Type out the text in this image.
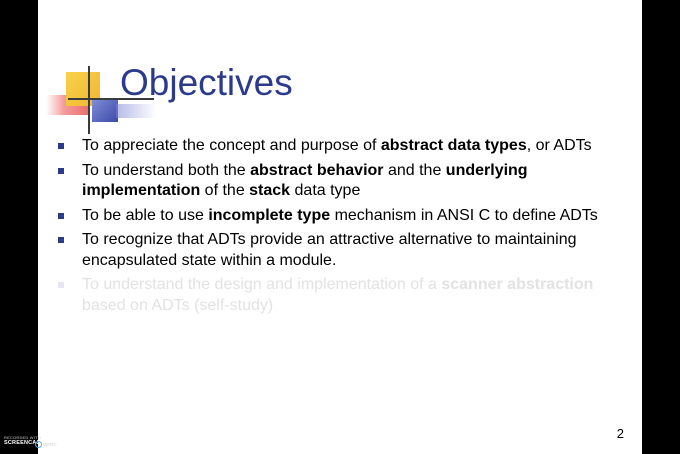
Objectives
To appreciate the concept and purpose of abstract data types, or ADTs
To understand both the abstract behavior and the underlying implementation of the stack data type
To be able to use incomplete type mechanism in ANSI C to define ADTs
To recognize that ADTs provide an attractive alternative to maintaining encapsulated state within a module.
To understand the design and implementation of a scanner abstraction based on ADTs (self-study)
2
RECORDED WITH
SCREENCAST MATIC
